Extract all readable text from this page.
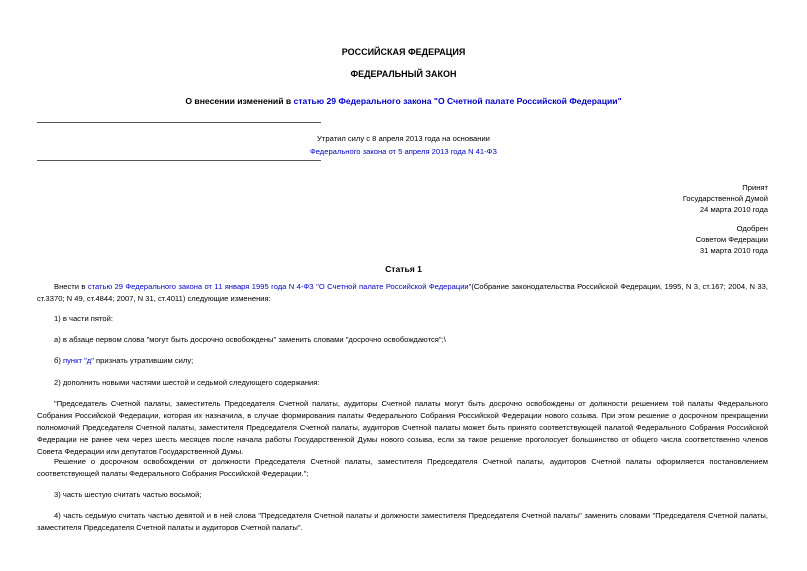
РОССИЙСКАЯ ФЕДЕРАЦИЯ
ФЕДЕРАЛЬНЫЙ ЗАКОН
О внесении изменений в статью 29 Федерального закона "О Счетной палате Российской Федерации"
Утратил силу с 8 апреля 2013 года на основании
Федерального закона от 5 апреля 2013 года N 41-ФЗ
Принят
Государственной Думой
24 марта 2010 года
Одобрен
Советом Федерации
31 марта 2010 года
Статья 1
Внести в статью 29 Федерального закона от 11 января 1995 года N 4-ФЗ "О Счетной палате Российской Федерации"(Собрание законодательства Российской Федерации, 1995, N 3, ст.167; 2004, N 33, ст.3370; N 49, ст.4844; 2007, N 31, ст.4011) следующие изменения:
1) в части пятой:
а) в абзаце первом слова "могут быть досрочно освобождены" заменить словами "досрочно освобождаются";\
б) пункт "д" признать утратившим силу;
2) дополнить новыми частями шестой и седьмой следующего содержания:
"Председатель Счетной палаты, заместитель Председателя Счетной палаты, аудиторы Счетной палаты могут быть досрочно освобождены от должности решением той палаты Федерального Собрания Российской Федерации, которая их назначила, в случае формирования палаты Федерального Собрания Российской Федерации нового созыва. При этом решение о досрочном прекращении полномочий Председателя Счетной палаты, заместителя Председателя Счетной палаты, аудиторов Счетной палаты может быть принято соответствующей палатой Федерального Собрания Российской Федерации не ранее чем через шесть месяцев после начала работы Государственной Думы нового созыва, если за такое решение проголосует большинство от общего числа соответственно членов Совета Федерации или депутатов Государственной Думы.
Решение о досрочном освобождении от должности Председателя Счетной палаты, заместителя Председателя Счетной палаты, аудиторов Счетной палаты оформляется постановлением соответствующей палаты Федерального Собрания Российской Федерации.";
3) часть шестую считать частью восьмой;
4) часть седьмую считать частью девятой и в ней слова "Председателя Счетной палаты и должности заместителя Председателя Счетной палаты" заменить словами "Председателя Счетной палаты, заместителя Председателя Счетной палаты и аудиторов Счетной палаты".
